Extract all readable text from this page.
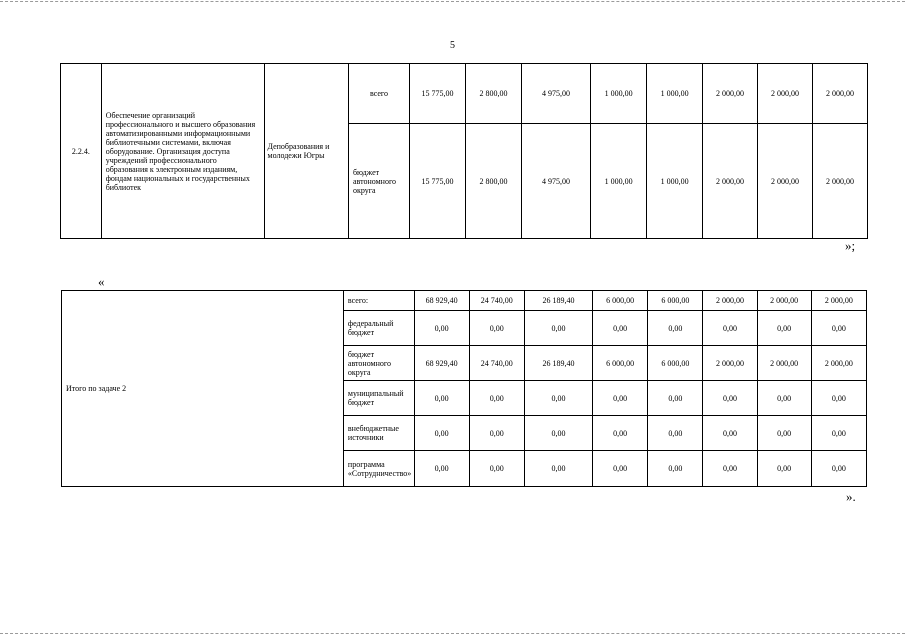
5
2.2.4.	Обеспечение организаций профессионального и высшего образования автоматизированными информационными библиотечными системами, включая оборудование. Организация доступа учреждений профессионального образования к электронным изданиям, фондам национальных и государственных библиотек	Депобразования и молодежи Югры	всего	15 775,00	2 800,00	4 975,00	1 000,00	1 000,00	2 000,00	2 000,00	2 000,00
			бюджет автономного округа	15 775,00	2 800,00	4 975,00	1 000,00	1 000,00	2 000,00	2 000,00	2 000,00
»;
«
Итого по задаче 2	всего:	68 929,40	24 740,00	26 189,40	6 000,00	6 000,00	2 000,00	2 000,00	2 000,00
	федеральный бюджет	0,00	0,00	0,00	0,00	0,00	0,00	0,00	0,00
	бюджет автономного округа	68 929,40	24 740,00	26 189,40	6 000,00	6 000,00	2 000,00	2 000,00	2 000,00
	муниципальный бюджет	0,00	0,00	0,00	0,00	0,00	0,00	0,00	0,00
	внебюджетные источники	0,00	0,00	0,00	0,00	0,00	0,00	0,00	0,00
	программа «Сотрудничество»	0,00	0,00	0,00	0,00	0,00	0,00	0,00	0,00
».
